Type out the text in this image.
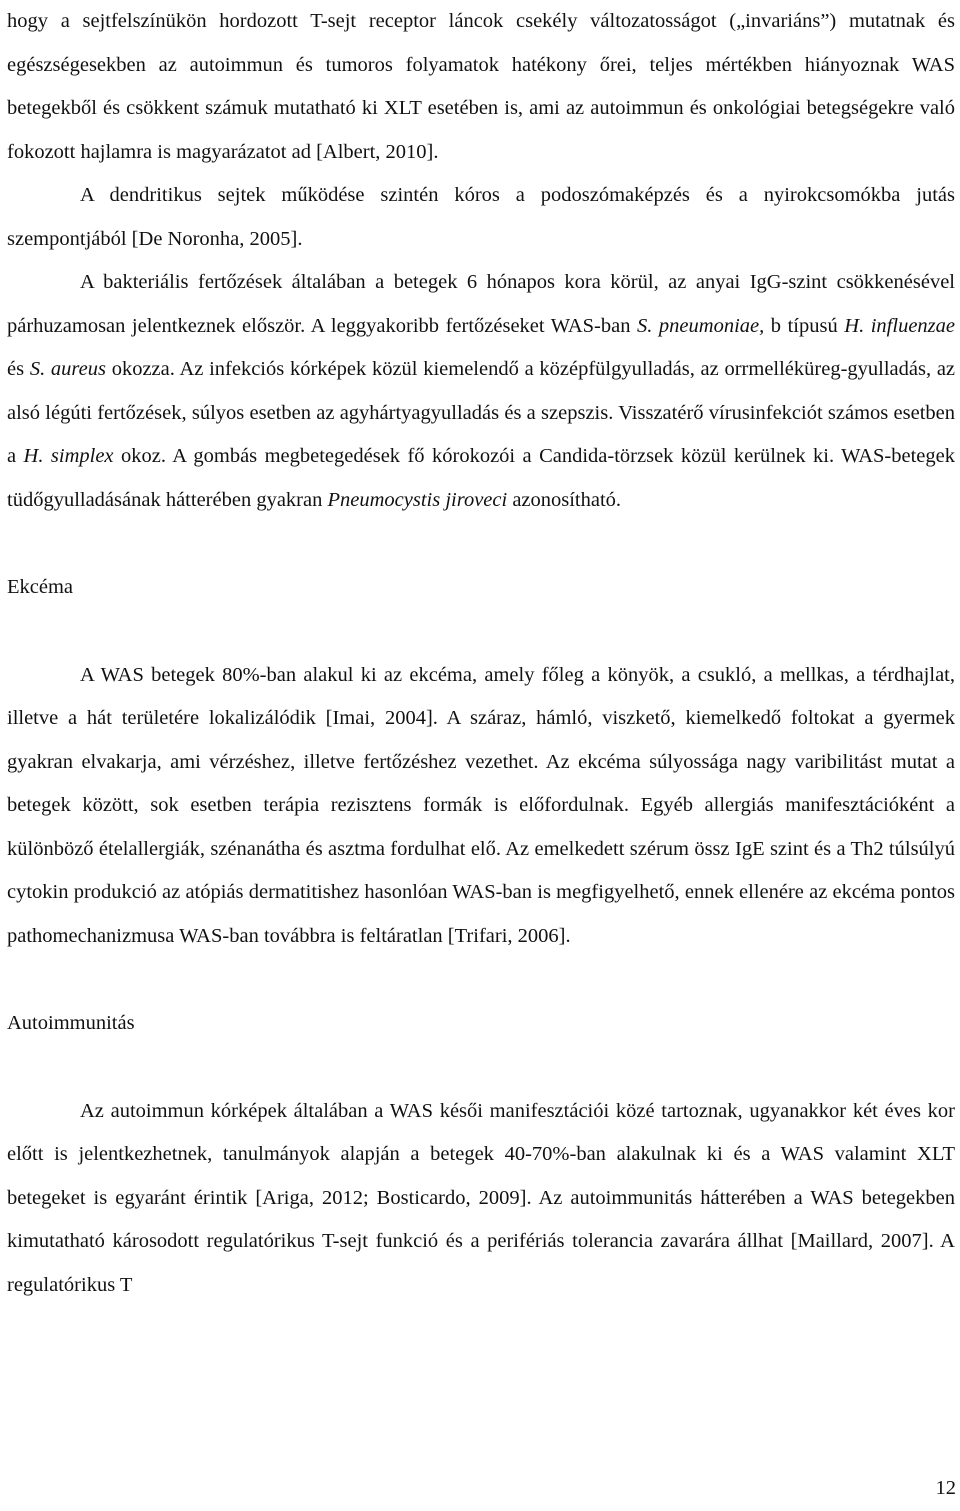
hogy a sejtfelszínükön hordozott T-sejt receptor láncok csekély változatosságot („invariáns”) mutatnak és egészségesekben az autoimmun és tumoros folyamatok hatékony őrei, teljes mértékben hiányoznak WAS betegekből és csökkent számuk mutatható ki XLT esetében is, ami az autoimmun és onkológiai betegségekre való fokozott hajlamra is magyarázatot ad [Albert, 2010].

A dendritikus sejtek működése szintén kóros a podoszómaképzés és a nyirokcsomókba jutás szempontjából [De Noronha, 2005].

A bakteriális fertőzések általában a betegek 6 hónapos kora körül, az anyai IgG-szint csökkenésével párhuzamosan jelentkeznek először. A leggyakoribb fertőzéseket WAS-ban S. pneumoniae, b típusú H. influenzae és S. aureus okozza. Az infekciós kórképek közül kiemelendő a középfülgyulladás, az orrmelléküreg-gyulladás, az alsó légúti fertőzések, súlyos esetben az agyhártyagyulladás és a szepszis. Visszatérő vírusinfekciót számos esetben a H. simplex okoz. A gombás megbetegedések fő kórokozói a Candida-törzsek közül kerülnek ki. WAS-betegek tüdőgyulladásának hátterében gyakran Pneumocystis jiroveci azonosítható.

Ekcéma

A WAS betegek 80%-ban alakul ki az ekcéma, amely főleg a könyök, a csukló, a mellkas, a térdhajlat, illetve a hát területére lokalizálódik [Imai, 2004]. A száraz, hámló, viszkető, kiemelkedő foltokat a gyermek gyakran elvakarja, ami vérzéshez, illetve fertőzéshez vezethet. Az ekcéma súlyossága nagy varibilitást mutat a betegek között, sok esetben terápia rezisztens formák is előfordulnak. Egyéb allergiás manifesztációként a különböző ételallergiák, szénanátha és asztma fordulhat elő. Az emelkedett szérum össz IgE szint és a Th2 túlsúlyú cytokin produkció az atópiás dermatitishez hasonlóan WAS-ban is megfigyelhető, ennek ellenére az ekcéma pontos pathomechanizmusa WAS-ban továbbra is feltáratlan [Trifari, 2006].

Autoimmunitás

Az autoimmun kórképek általában a WAS késői manifesztációi közé tartoznak, ugyanakkor két éves kor előtt is jelentkezhetnek, tanulmányok alapján a betegek 40-70%-ban alakulnak ki és a WAS valamint XLT betegeket is egyaránt érintik [Ariga, 2012; Bosticardo, 2009]. Az autoimmunitás hátterében a WAS betegekben kimutatható károsodott regulatórikus T-sejt funkció és a perifériás tolerancia zavarára állhat [Maillard, 2007]. A regulatórikus T

12
